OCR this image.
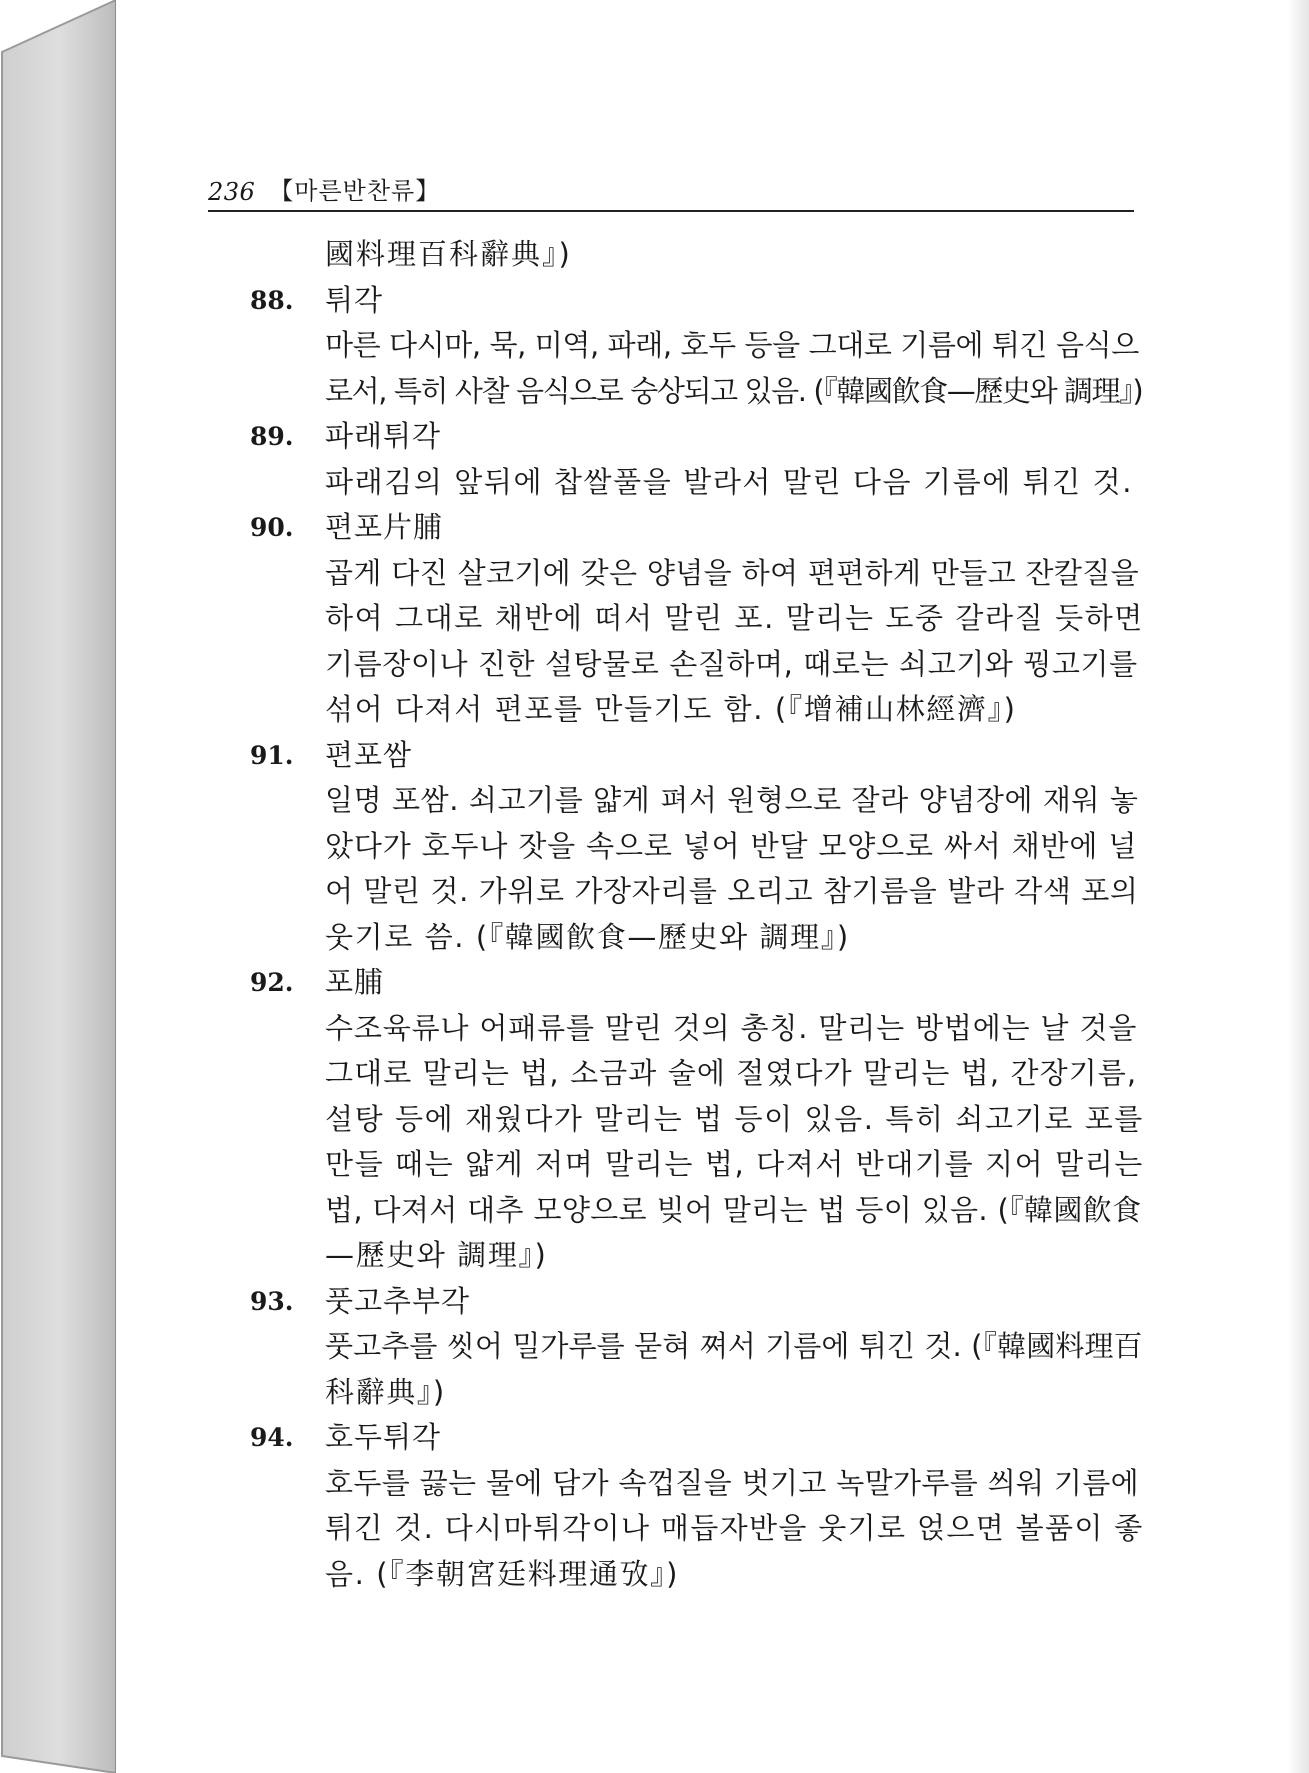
236 【마른반찬류】
國料理百科辭典』)
88. 튀각
마른 다시마, 묵, 미역, 파래, 호두 등을 그대로 기름에 튀긴 음식으
로서, 특히 사찰 음식으로 숭상되고 있음. (『韓國飮食—歷史와 調理』)
89. 파래튀각
파래김의 앞뒤에 찹쌀풀을 발라서 말린 다음 기름에 튀긴 것.
90. 편포片脯
곱게 다진 살코기에 갖은 양념을 하여 편편하게 만들고 잔칼질을
하여 그대로 채반에 떠서 말린 포. 말리는 도중 갈라질 듯하면
기름장이나 진한 설탕물로 손질하며, 때로는 쇠고기와 꿩고기를
섞어 다져서 편포를 만들기도 함. (『增補山林經濟』)
91. 편포쌈
일명 포쌈. 쇠고기를 얇게 펴서 원형으로 잘라 양념장에 재워 놓
았다가 호두나 잣을 속으로 넣어 반달 모양으로 싸서 채반에 널
어 말린 것. 가위로 가장자리를 오리고 참기름을 발라 각색 포의
웃기로 씀. (『韓國飮食—歷史와 調理』)
92. 포脯
수조육류나 어패류를 말린 것의 총칭. 말리는 방법에는 날 것을
그대로 말리는 법, 소금과 술에 절였다가 말리는 법, 간장기름,
설탕 등에 재웠다가 말리는 법 등이 있음. 특히 쇠고기로 포를
만들 때는 얇게 저며 말리는 법, 다져서 반대기를 지어 말리는
법, 다져서 대추 모양으로 빚어 말리는 법 등이 있음. (『韓國飮食
—歷史와 調理』)
93. 풋고추부각
풋고추를 씻어 밀가루를 묻혀 쪄서 기름에 튀긴 것. (『韓國料理百
科辭典』)
94. 호두튀각
호두를 끓는 물에 담가 속껍질을 벗기고 녹말가루를 씌워 기름에
튀긴 것. 다시마튀각이나 매듭자반을 웃기로 얹으면 볼품이 좋
음. (『李朝宮廷料理通攷』)
